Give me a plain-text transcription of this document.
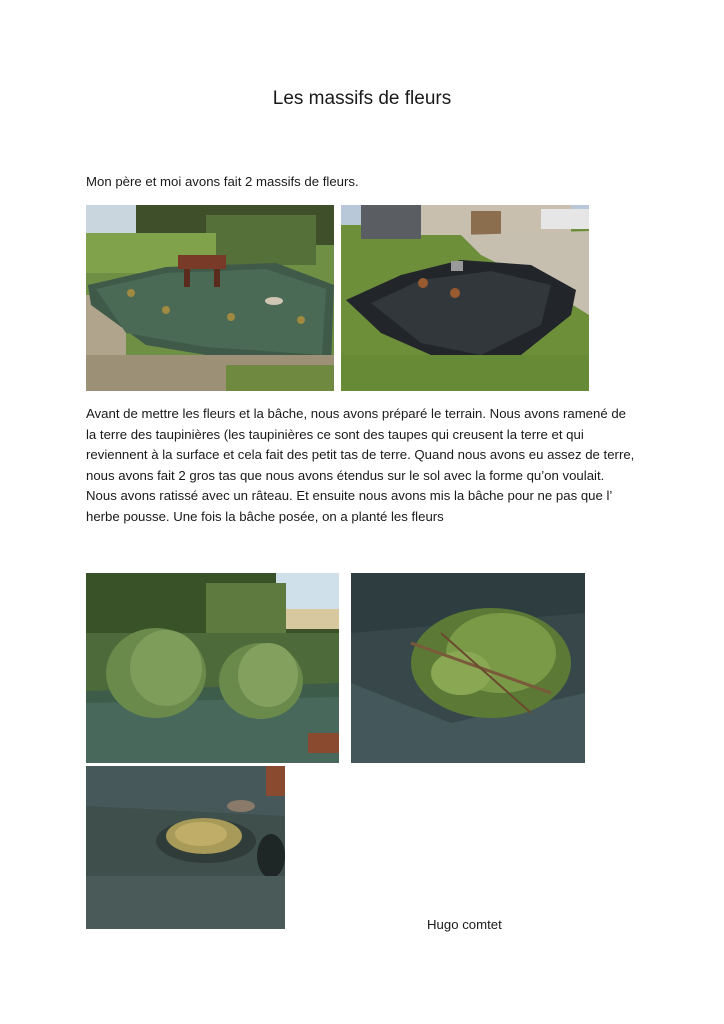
Les massifs de fleurs

Mon père et moi avons fait 2 massifs de fleurs.

Avant de mettre les fleurs et la bâche, nous avons préparé le terrain. Nous avons ramené de la terre des taupinières (les taupinières ce sont des taupes qui creusent la terre et qui reviennent à la surface et cela fait des petit tas de terre. Quand nous avons eu assez de terre, nous avons fait 2 gros tas que nous avons étendus sur le sol avec la forme qu’on voulait. Nous avons ratissé avec un râteau. Et ensuite nous avons mis la bâche pour ne pas que l’ herbe pousse. Une fois la bâche posée, on a planté les fleurs

Hugo comtet
